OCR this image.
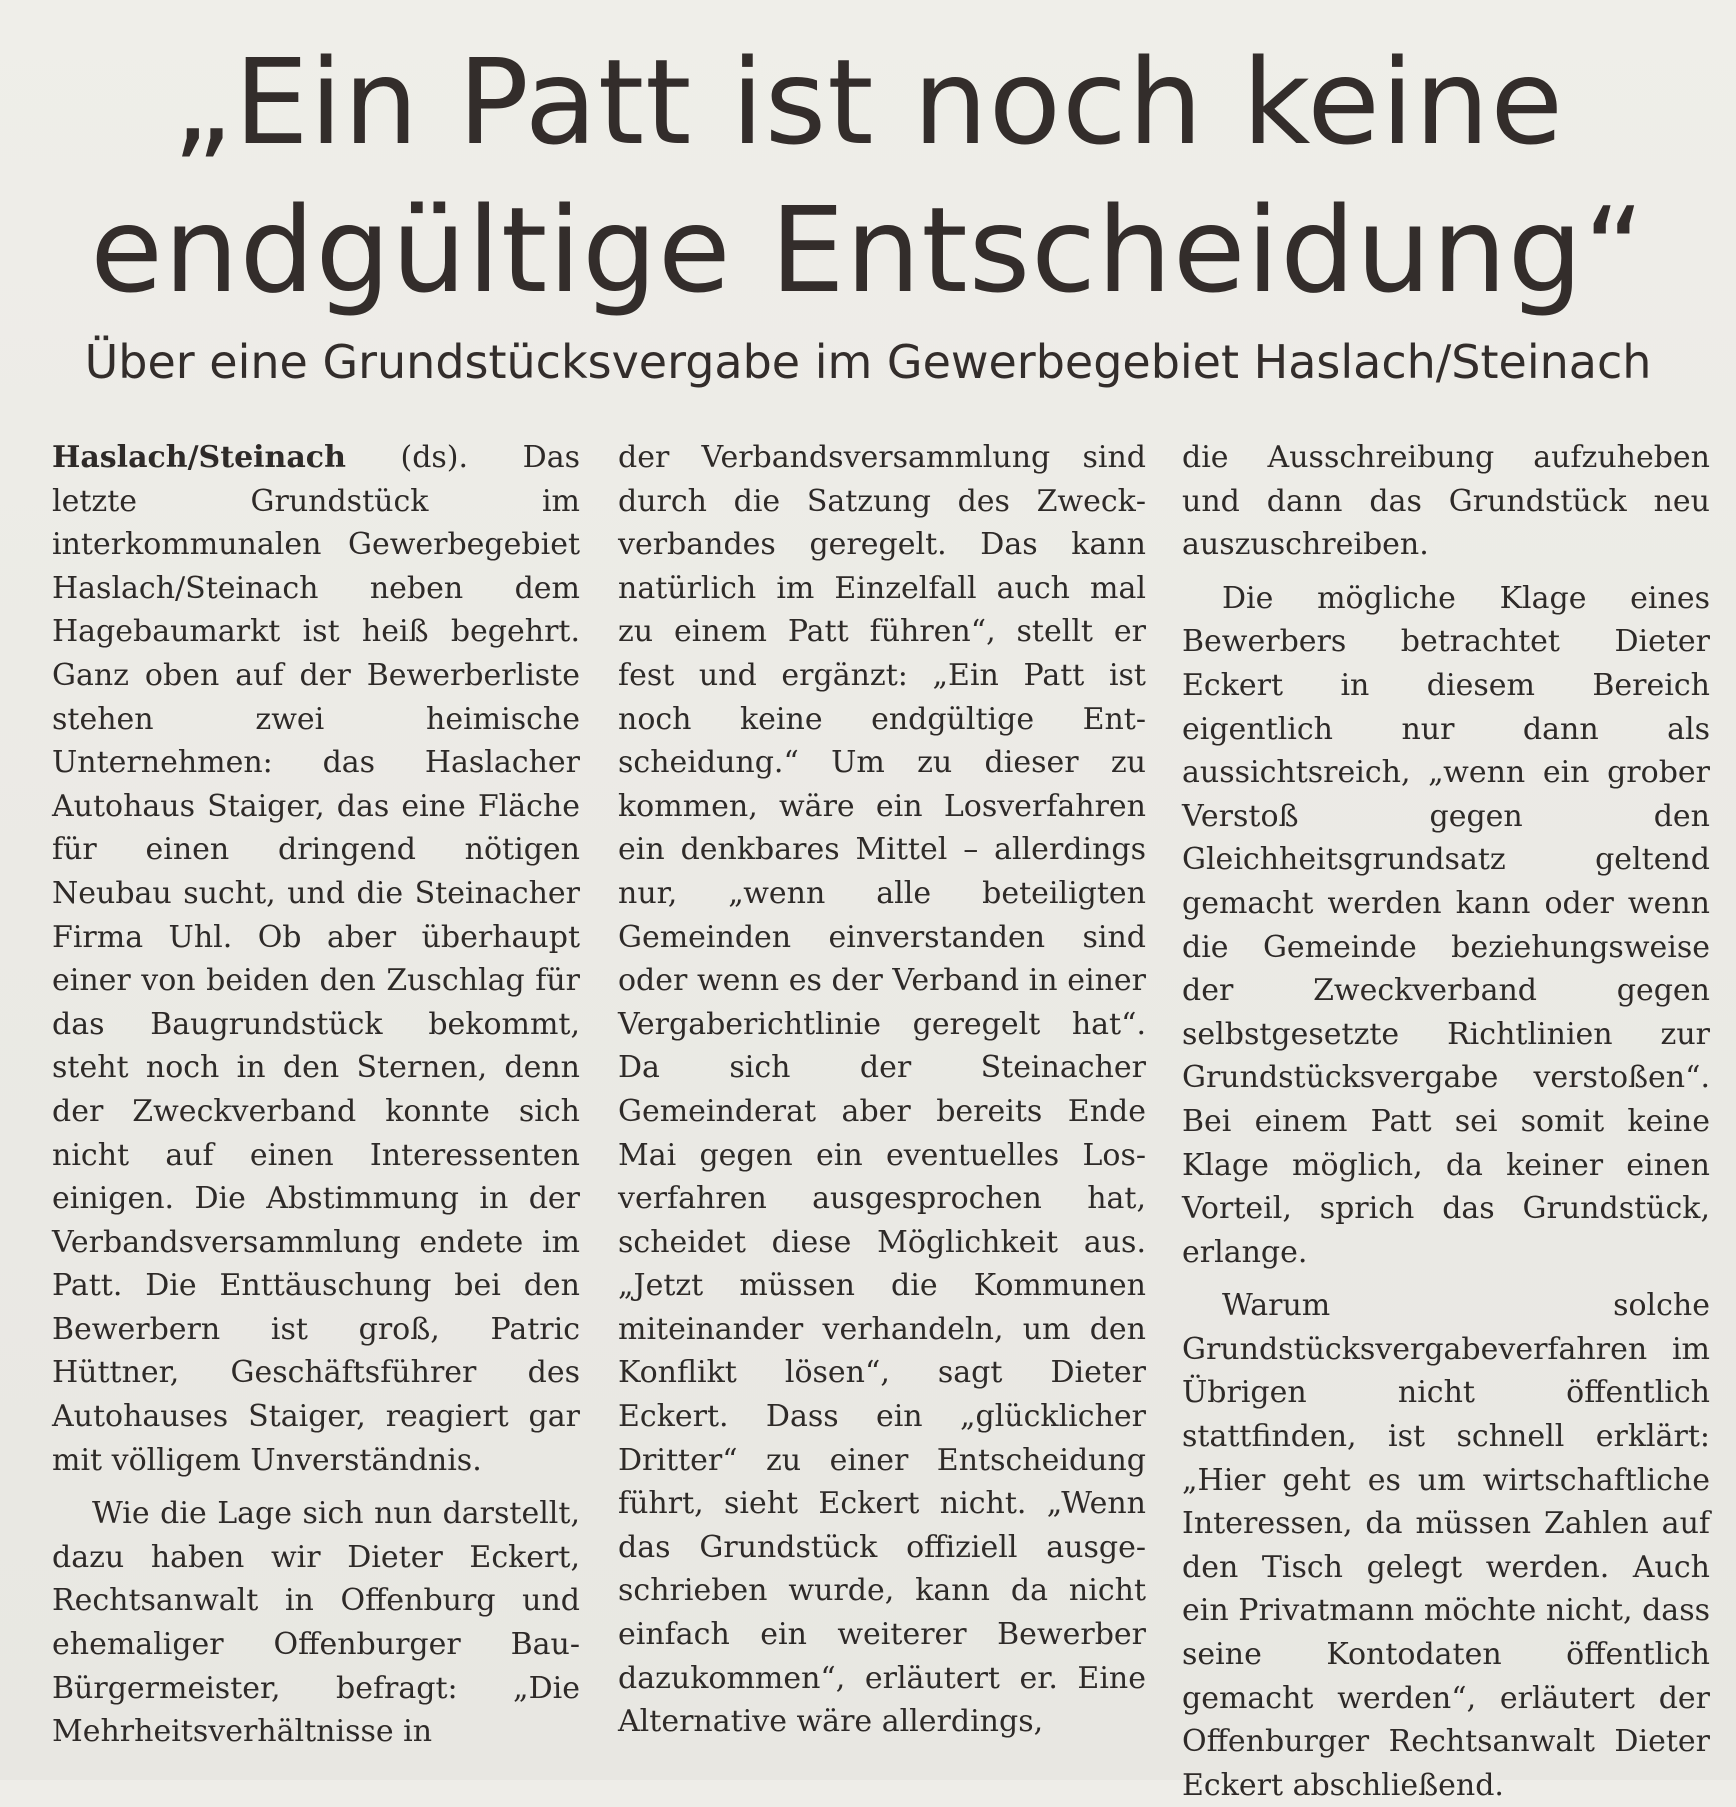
„Ein Patt ist noch keine endgültige Entscheidung“
Über eine Grundstücksvergabe im Gewerbegebiet Haslach/Steinach

Haslach/Steinach (ds). Das letzte Grundstück im interkommunalen Gewerbegebiet Haslach/Steinach neben dem Hagebaumarkt ist heiß begehrt. Ganz oben auf der Bewerberliste stehen zwei heimische Unternehmen: das Haslacher Autohaus Staiger, das eine Fläche für einen dringend nötigen Neubau sucht, und die Steinacher Firma Uhl. Ob aber überhaupt einer von beiden den Zuschlag für das Baugrundstück bekommt, steht noch in den Sternen, denn der Zweckverband konnte sich nicht auf einen Interessenten einigen. Die Abstimmung in der Verbandsversammlung endete im Patt. Die Enttäuschung bei den Bewerbern ist groß, Patric Hüttner, Geschäftsführer des Autohauses Staiger, reagiert gar mit völligem Unverständnis.

Wie die Lage sich nun darstellt, dazu haben wir Dieter Eckert, Rechtsanwalt in Offenburg und ehemaliger Offenburger Bau-Bürgermeister, befragt: „Die Mehrheitsverhältnisse in

der Verbandsversammlung sind durch die Satzung des Zweckverbandes geregelt. Das kann natürlich im Einzelfall auch mal zu einem Patt führen“, stellt er fest und ergänzt: „Ein Patt ist noch keine endgültige Entscheidung.“ Um zu dieser zu kommen, wäre ein Losverfahren ein denkbares Mittel – allerdings nur, „wenn alle beteiligten Gemeinden einverstanden sind oder wenn es der Verband in einer Vergaberichtlinie geregelt hat“. Da sich der Steinacher Gemeinderat aber bereits Ende Mai gegen ein eventuelles Losverfahren ausgesprochen hat, scheidet diese Möglichkeit aus. „Jetzt müssen die Kommunen miteinander verhandeln, um den Konflikt lösen“, sagt Dieter Eckert. Dass ein „glücklicher Dritter“ zu einer Entscheidung führt, sieht Eckert nicht. „Wenn das Grundstück offiziell ausgeschrieben wurde, kann da nicht einfach ein weiterer Bewerber dazukommen“, erläutert er. Eine Alternative wäre allerdings,

die Ausschreibung aufzuheben und dann das Grundstück neu auszuschreiben.

Die mögliche Klage eines Bewerbers betrachtet Dieter Eckert in diesem Bereich eigentlich nur dann als aussichtsreich, „wenn ein grober Verstoß gegen den Gleichheitsgrundsatz geltend gemacht werden kann oder wenn die Gemeinde beziehungsweise der Zweckverband gegen selbstgesetzte Richtlinien zur Grundstücksvergabe verstoßen“. Bei einem Patt sei somit keine Klage möglich, da keiner einen Vorteil, sprich das Grundstück, erlange.

Warum solche Grundstücksvergabeverfahren im Übrigen nicht öffentlich stattfinden, ist schnell erklärt: „Hier geht es um wirtschaftliche Interessen, da müssen Zahlen auf den Tisch gelegt werden. Auch ein Privatmann möchte nicht, dass seine Kontodaten öffentlich gemacht werden“, erläutert der Offenburger Rechtsanwalt Dieter Eckert abschließend.
